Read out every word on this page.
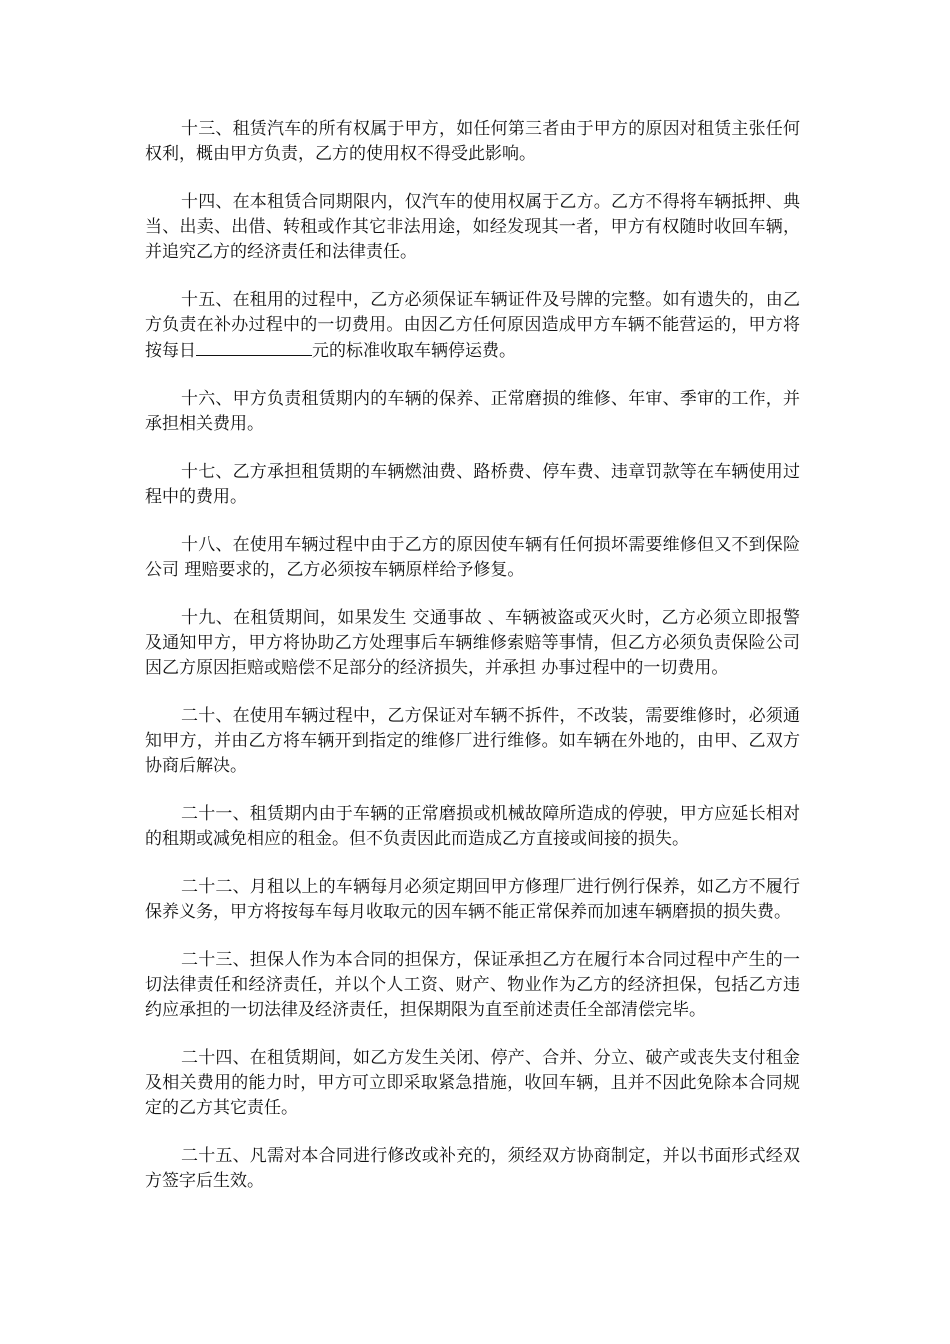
十三、租赁汽车的所有权属于甲方，如任何第三者由于甲方的原因对租赁主张任何权利，概由甲方负责，乙方的使用权不得受此影响。

十四、在本租赁合同期限内，仅汽车的使用权属于乙方。乙方不得将车辆抵押、典当、出卖、出借、转租或作其它非法用途，如经发现其一者，甲方有权随时收回车辆，并追究乙方的经济责任和法律责任。

十五、在租用的过程中，乙方必须保证车辆证件及号牌的完整。如有遗失的，由乙方负责在补办过程中的一切费用。由因乙方任何原因造成甲方车辆不能营运的，甲方将按每日	元的标准收取车辆停运费。

十六、甲方负责租赁期内的车辆的保养、正常磨损的维修、年审、季审的工作，并承担相关费用。

十七、乙方承担租赁期的车辆燃油费、路桥费、停车费、违章罚款等在车辆使用过程中的费用。

十八、在使用车辆过程中由于乙方的原因使车辆有任何损坏需要维修但又不到保险 公司 理赔要求的，乙方必须按车辆原样给予修复。

十九、在租赁期间，如果发生 交通事故 、车辆被盗或灭火时，乙方必须立即报警及通知甲方，甲方将协助乙方处理事后车辆维修索赔等事情，但乙方必须负责保险公司因乙方原因拒赔或赔偿不足部分的经济损失，并承担 办事过程中的一切费用。

二十、在使用车辆过程中，乙方保证对车辆不拆件，不改装，需要维修时，必须通知甲方，并由乙方将车辆开到指定的维修厂进行维修。如车辆在外地的，由甲、乙双方协商后解决。

二十一、租赁期内由于车辆的正常磨损或机械故障所造成的停驶，甲方应延长相对的租期或减免相应的租金。但不负责因此而造成乙方直接或间接的损失。

二十二、月租以上的车辆每月必须定期回甲方修理厂进行例行保养，如乙方不履行保养义务，甲方将按每车每月收取元的因车辆不能正常保养而加速车辆磨损的损失费。

二十三、担保人作为本合同的担保方，保证承担乙方在履行本合同过程中产生的一切法律责任和经济责任，并以个人工资、财产、物业作为乙方的经济担保，包括乙方违约应承担的一切法律及经济责任，担保期限为直至前述责任全部清偿完毕。

二十四、在租赁期间，如乙方发生关闭、停产、合并、分立、破产或丧失支付租金及相关费用的能力时，甲方可立即采取紧急措施，收回车辆，且并不因此免除本合同规定的乙方其它责任。

二十五、凡需对本合同进行修改或补充的，须经双方协商制定，并以书面形式经双方签字后生效。
